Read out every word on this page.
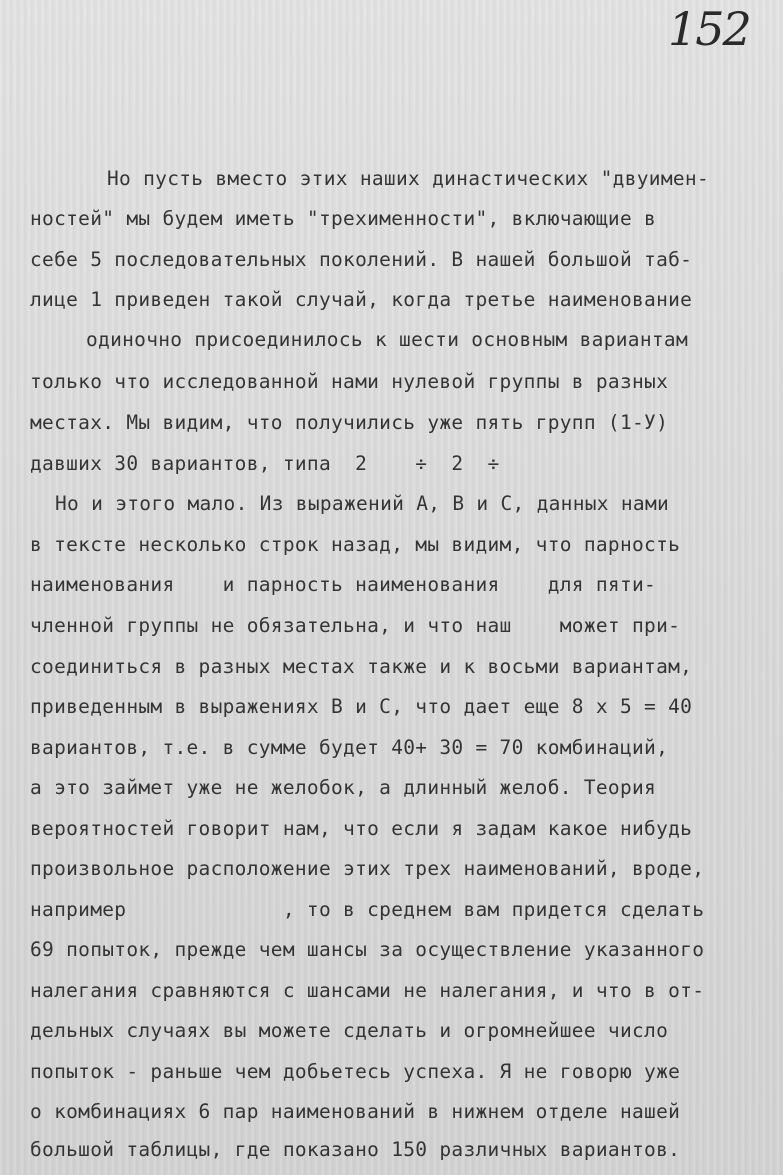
152
Но пусть вместо этих наших династических "двуимен-
ностей" мы будем иметь "трехименности", включающие в
себе 5 последовательных поколений. В нашей большой таб-
лице 1 приведен такой случай, когда третье наименование
одиночно присоединилось к шести основным вариантам
только что исследованной нами нулевой группы в разных
местах. Мы видим, что получились уже пять групп (1-У)
давших 30 вариантов, типа  2    ÷  2  ÷
Но и этого мало. Из выражений А, В и С, данных нами
в тексте несколько строк назад, мы видим, что парность
наименования    и парность наименования    для пяти-
членной группы не обязательна, и что наш    может при-
соединиться в разных местах также и к восьми вариантам,
приведенным в выражениях В и С, что дает еще 8 х 5 = 40
вариантов, т.е. в сумме будет 40+ 30 = 70 комбинаций,
а это займет уже не желобок, а длинный желоб. Теория
вероятностей говорит нам, что если я задам какое нибудь
произвольное расположение этих трех наименований, вроде,
например             , то в среднем вам придется сделать
69 попыток, прежде чем шансы за осуществление указанного
налегания сравняются с шансами не налегания, и что в от-
дельных случаях вы можете сделать и огромнейшее число
попыток - раньше чем добьетесь успеха. Я не говорю уже
о комбинациях 6 пар наименований в нижнем отделе нашей
большой таблицы, где показано 150 различных вариантов.
